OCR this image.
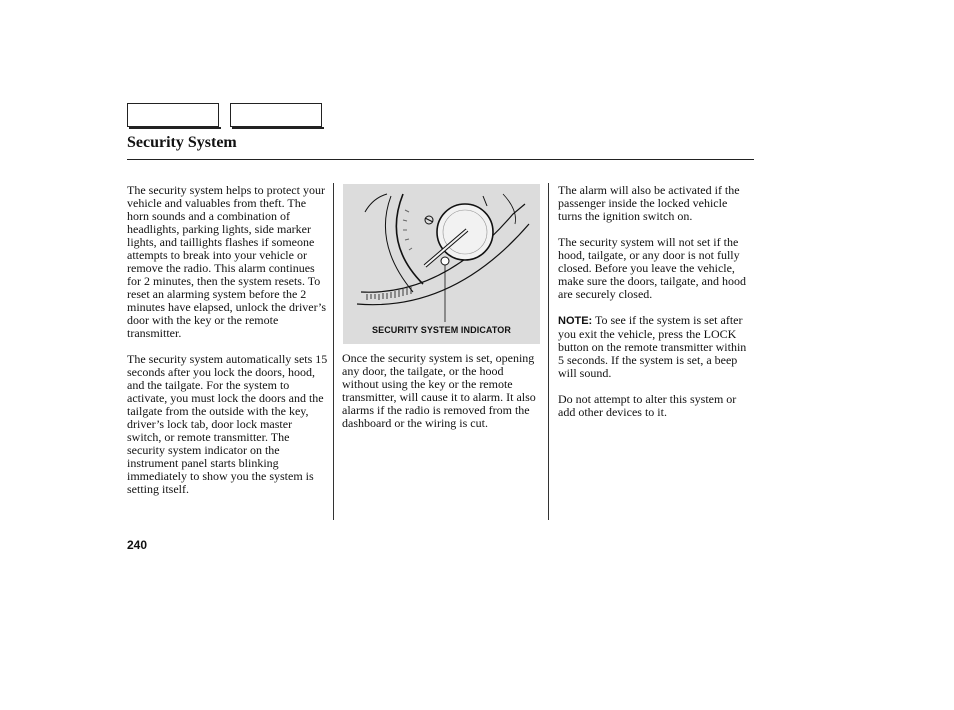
Security System

The security system helps to protect your vehicle and valuables from theft. The horn sounds and a combination of headlights, parking lights, side marker lights, and taillights flashes if someone attempts to break into your vehicle or remove the radio. This alarm continues for 2 minutes, then the system resets. To reset an alarming system before the 2 minutes have elapsed, unlock the driver’s door with the key or the remote transmitter.

The security system automatically sets 15 seconds after you lock the doors, hood, and the tailgate. For the system to activate, you must lock the doors and the tailgate from the outside with the key, driver’s lock tab, door lock master switch, or remote transmitter. The security system indicator on the instrument panel starts blinking immediately to show you the system is setting itself.

SECURITY SYSTEM INDICATOR

Once the security system is set, opening any door, the tailgate, or the hood without using the key or the remote transmitter, will cause it to alarm. It also alarms if the radio is removed from the dashboard or the wiring is cut.

The alarm will also be activated if the passenger inside the locked vehicle turns the ignition switch on.

The security system will not set if the hood, tailgate, or any door is not fully closed. Before you leave the vehicle, make sure the doors, tailgate, and hood are securely closed.

NOTE: To see if the system is set after you exit the vehicle, press the LOCK button on the remote transmitter within 5 seconds. If the system is set, a beep will sound.

Do not attempt to alter this system or add other devices to it.

240
